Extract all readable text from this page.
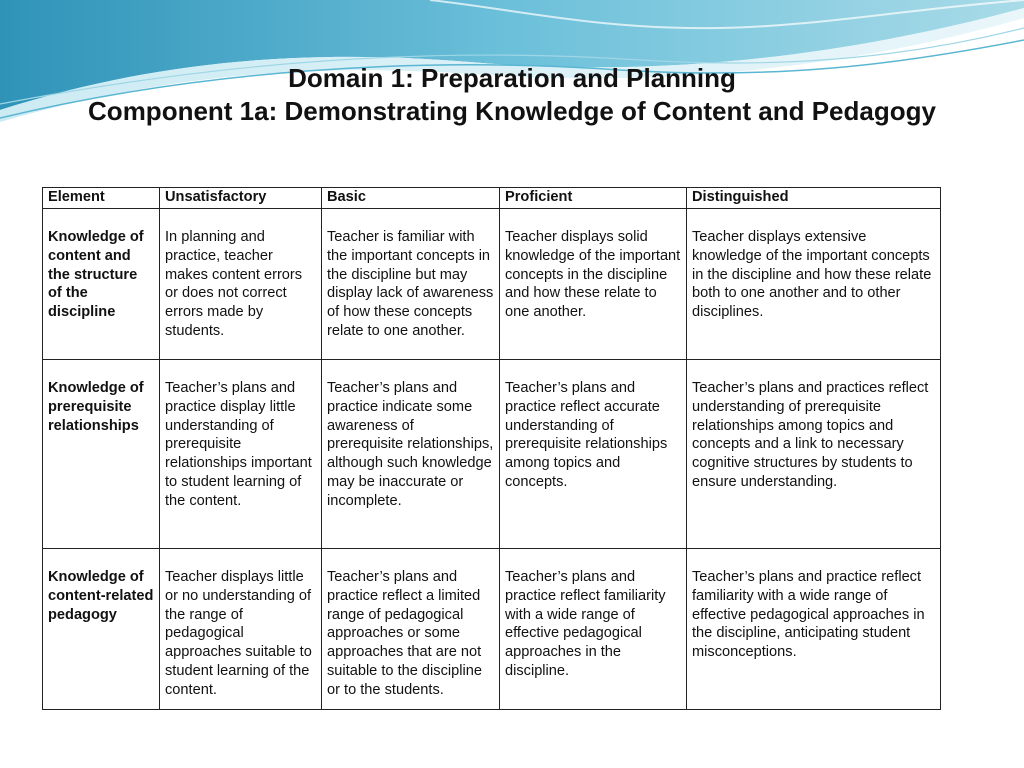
Domain 1: Preparation and Planning
Component 1a: Demonstrating Knowledge of Content and Pedagogy
Element	Unsatisfactory	Basic	Proficient	Distinguished
Knowledge of content and the structure of the discipline	In planning and practice, teacher makes content errors or does not correct errors made by students.	Teacher is familiar with the important concepts in the discipline but may display lack of awareness of how these concepts relate to one another.	Teacher displays solid knowledge of the important concepts in the discipline and how these relate to one another.	Teacher displays extensive knowledge of the important concepts in the discipline and how these relate both to one another and to other disciplines.
Knowledge of prerequisite relationships	Teacher’s plans and practice display little understanding of prerequisite relationships important to student learning of the content.	Teacher’s plans and practice indicate some awareness of prerequisite relationships, although such knowledge may be inaccurate or incomplete.	Teacher’s plans and practice reflect accurate understanding of prerequisite relationships among topics and concepts.	Teacher’s plans and practices reflect understanding of prerequisite relationships among topics and concepts and a link to necessary cognitive structures by students to ensure understanding.
Knowledge of content-related pedagogy	Teacher displays little or no understanding of the range of pedagogical approaches suitable to student learning of the content.	Teacher’s plans and practice reflect a limited range of pedagogical approaches or some approaches that are not suitable to the discipline or to the students.	Teacher’s plans and practice reflect familiarity with a wide range of effective pedagogical approaches in the discipline.	Teacher’s plans and practice reflect familiarity with a wide range of effective pedagogical approaches in the discipline, anticipating student misconceptions.
